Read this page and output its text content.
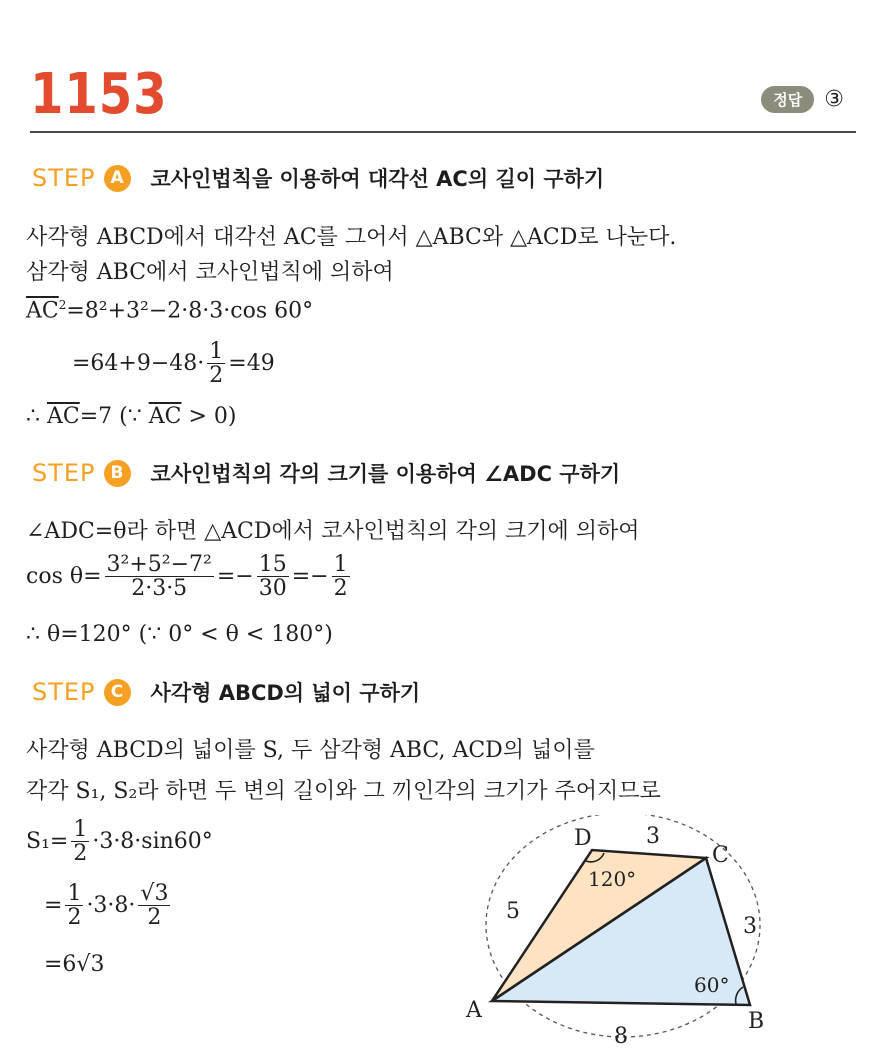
1153	정답	③
STEP A	코사인법칙을 이용하여 대각선 AC의 길이 구하기
사각형 ABCD에서 대각선 AC를 그어서 △ABC와 △ACD로 나눈다.
삼각형 ABC에서 코사인법칙에 의하여
$\overline{AC}^2=8^2+3^2-2\cdot 8\cdot 3\cdot\cos$ 60°
$=64+9-48\cdot \frac{1}{2} =49$
∴ $\overline{AC}=7$ (∵ $\overline{AC} > 0$)
STEP B	코사인법칙의 각의 크기를 이용하여 ∠ADC 구하기
∠ADC=θ라 하면 △ACD에서 코사인법칙의 각의 크기에 의하여
$\cos \theta= \frac{\text{3²+5²−7²}}{2\cdot 3\cdot 5} =- \frac{15}{30} =- \frac{1}{2}$
∴ θ=120° (∵ 0° < θ < 180°)
STEP C	사각형 ABCD의 넓이 구하기
사각형 ABCD의 넓이를 S, 두 삼각형 ABC, ACD의 넓이를
각각 S₁, S₂라 하면 두 변의 길이와 그 끼인각의 크기가 주어지므로
$S_1= \frac{1}{2} \cdot 3\cdot 8\cdot\sin 60^\circ$
= $\frac{1}{2} \cdot 3\cdot 8\cdot \frac{√3}{2}$
=6√3
A	B
C
D
8
3
3
5
120°
60°
